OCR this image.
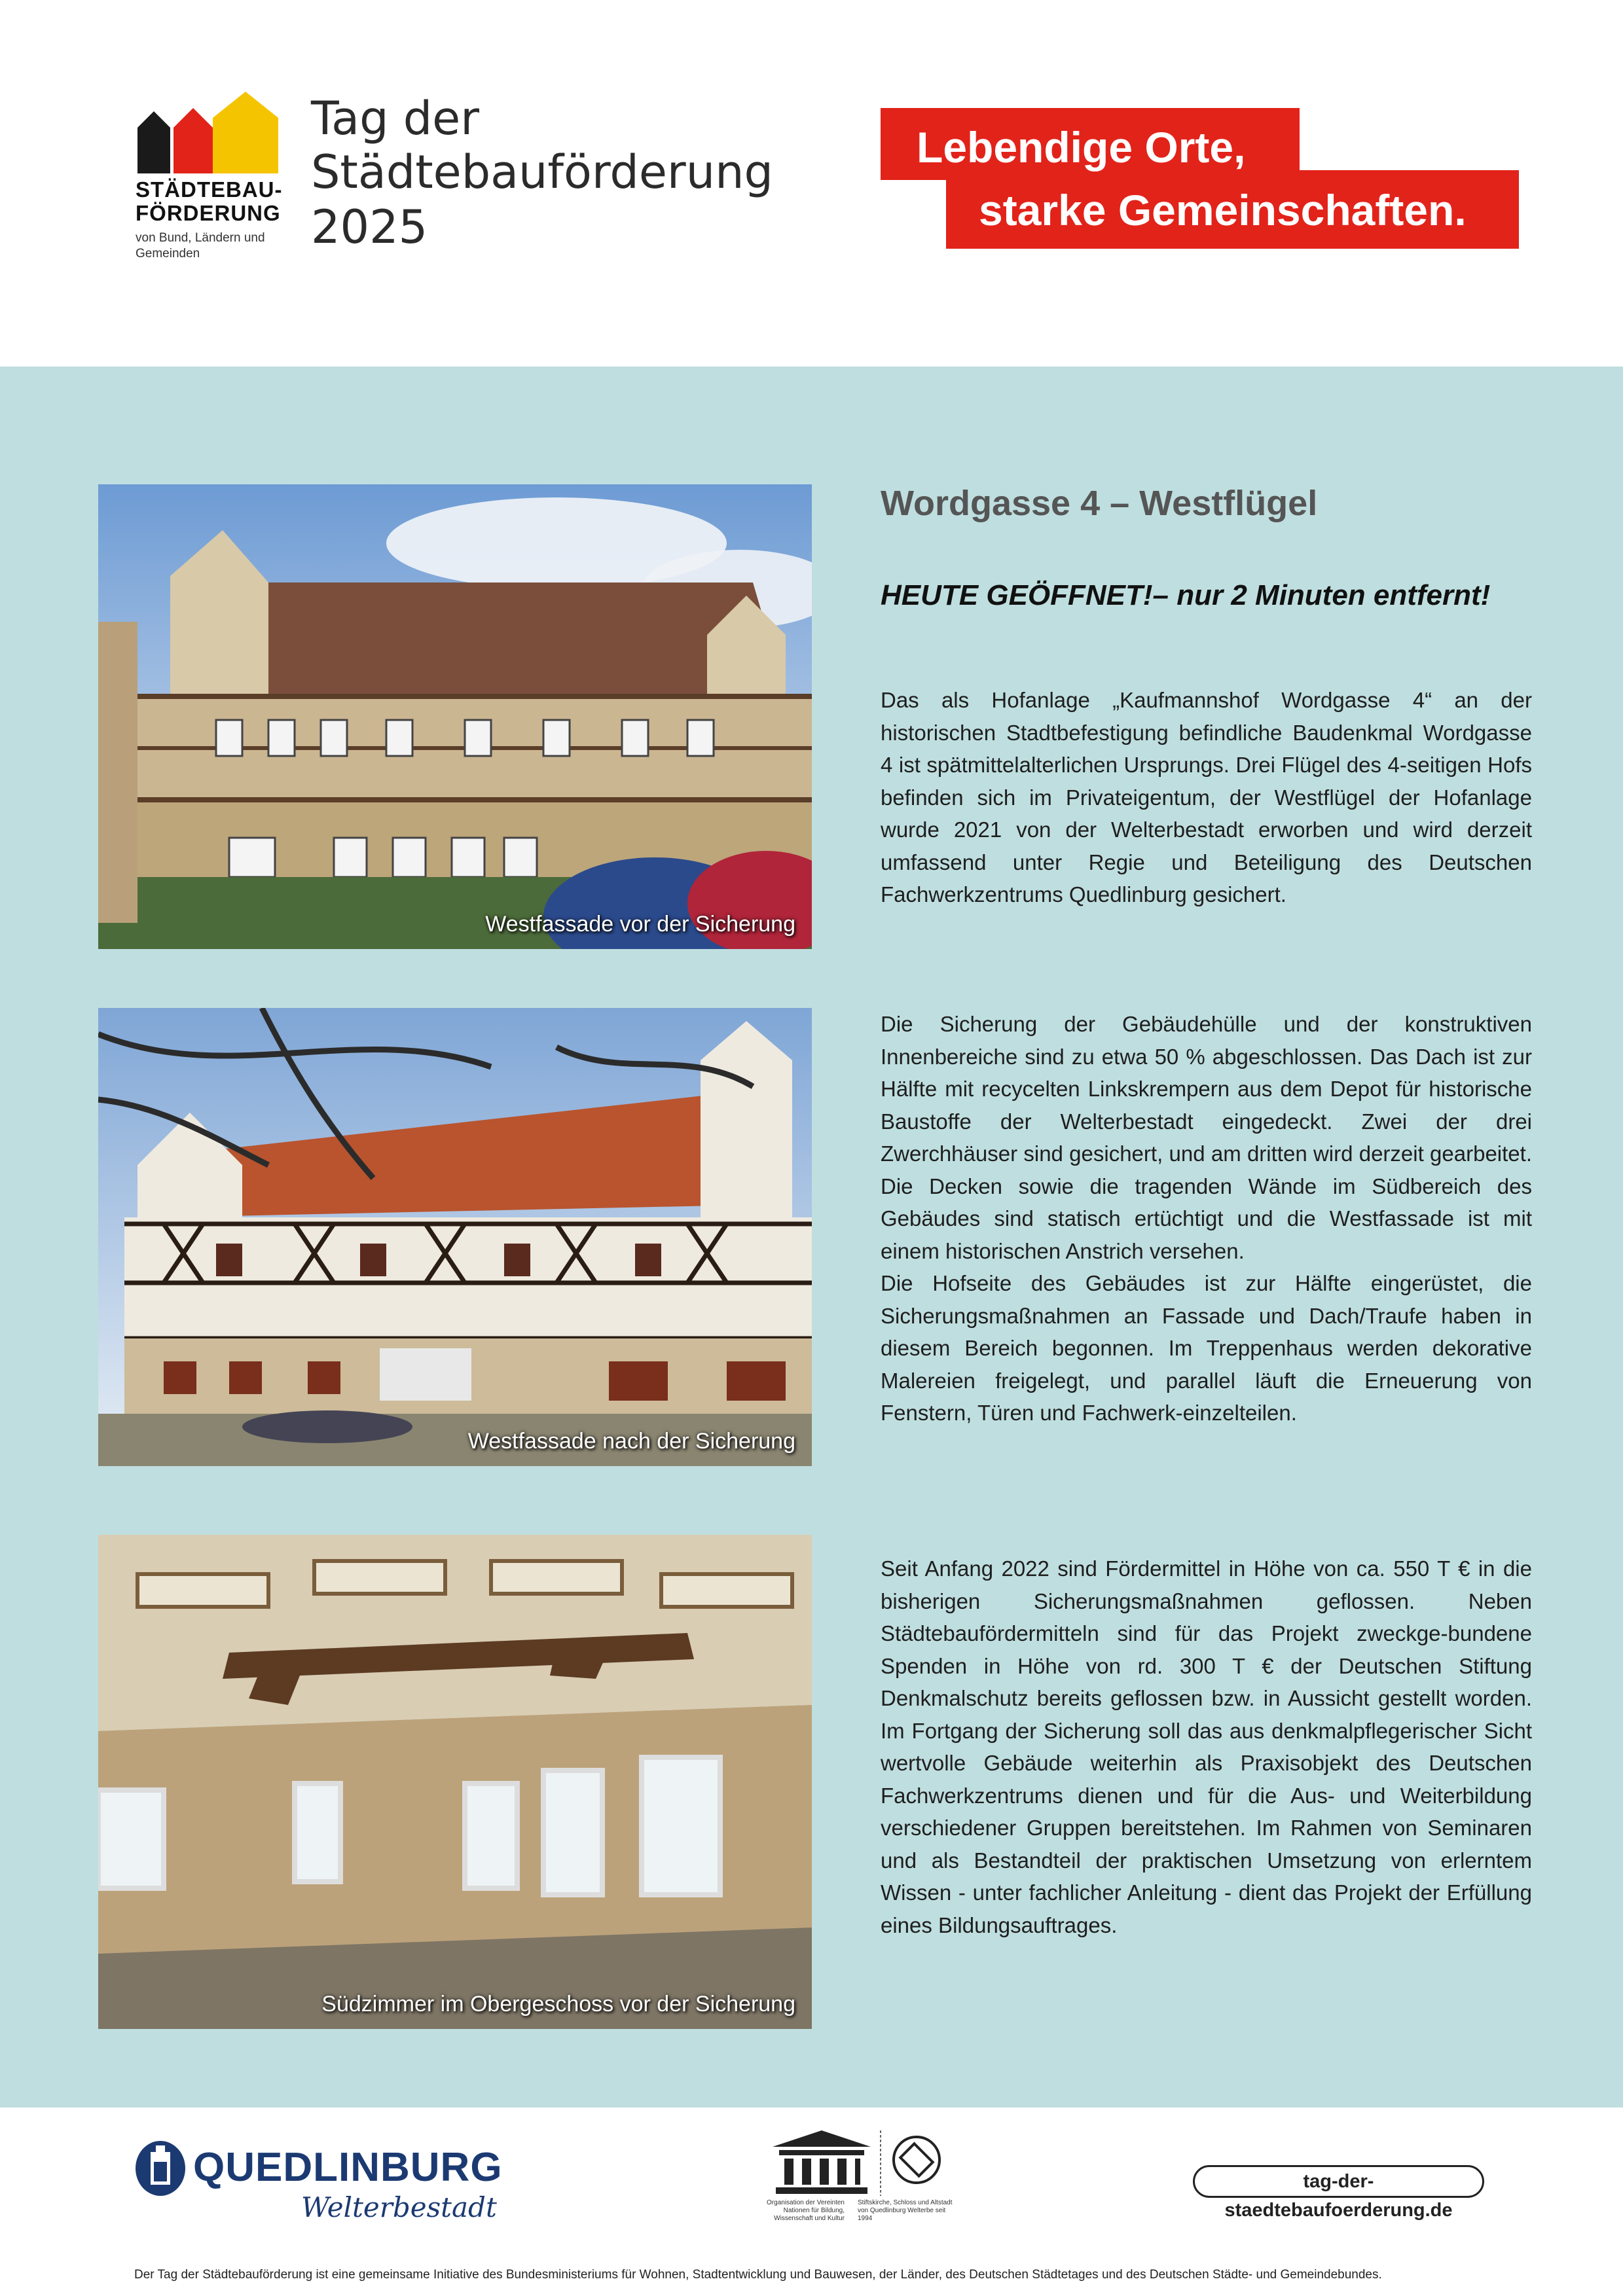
STÄDTEBAU-
FÖRDERUNG
von Bund, Ländern und Gemeinden
Tag der
Städtebauförderung
2025
Lebendige Orte,
starke Gemeinschaften.
Westfassade vor der Sicherung
Westfassade nach der Sicherung
Südzimmer im Obergeschoss vor der Sicherung
Wordgasse 4 – Westflügel
HEUTE GEÖFFNET!– nur 2 Minuten entfernt!
Das als Hofanlage „Kaufmannshof Wordgasse 4“ an der historischen Stadtbefestigung befindliche Baudenkmal Wordgasse 4 ist spätmittelalterlichen Ursprungs. Drei Flügel des 4-seitigen Hofs befinden sich im Privateigentum, der Westflügel der Hofanlage wurde 2021 von der Welterbestadt erworben und wird derzeit umfassend unter Regie und Beteiligung des Deutschen Fachwerkzentrums Quedlinburg gesichert.
Die Sicherung der Gebäudehülle und der konstruktiven Innenbereiche sind zu etwa 50 % abgeschlossen. Das Dach ist zur Hälfte mit recycelten Linkskrempern aus dem Depot für historische Baustoffe der Welterbestadt eingedeckt. Zwei der drei Zwerchhäuser sind gesichert, und am dritten wird derzeit gearbeitet. Die Decken sowie die tragenden Wände im Südbereich des Gebäudes sind statisch ertüchtigt und die Westfassade ist mit einem historischen Anstrich versehen.
Die Hofseite des Gebäudes ist zur Hälfte eingerüstet, die Sicherungsmaßnahmen an Fassade und Dach/Traufe haben in diesem Bereich begonnen. Im Treppenhaus werden dekorative Malereien freigelegt, und parallel läuft die Erneuerung von Fenstern, Türen und Fachwerk-einzelteilen.
Seit Anfang 2022 sind Fördermittel in Höhe von ca. 550 T € in die bisherigen Sicherungsmaßnahmen geflossen. Neben Städtebaufördermitteln sind für das Projekt zweckge-bundene Spenden in Höhe von rd. 300 T € der Deutschen Stiftung Denkmalschutz bereits geflossen bzw. in Aussicht gestellt worden. Im Fortgang der Sicherung soll das aus denkmalpflegerischer Sicht wertvolle Gebäude weiterhin als Praxisobjekt des Deutschen Fachwerkzentrums dienen und für die Aus- und Weiterbildung verschiedener Gruppen bereitstehen. Im Rahmen von Seminaren und als Bestandteil der praktischen Umsetzung von erlerntem Wissen - unter fachlicher Anleitung - dient das Projekt der Erfüllung eines Bildungsauftrages.
QUEDLINBURG
Welterbestadt	Organisation der Vereinten Nationen für Bildung, Wissenschaft und Kultur
Stiftskirche, Schloss und Altstadt von Quedlinburg Welterbe seit 1994
tag-der-staedtebaufoerderung.de
Der Tag der Städtebauförderung ist eine gemeinsame Initiative des Bundesministeriums für Wohnen, Stadtentwicklung und Bauwesen, der Länder, des Deutschen Städtetages und des Deutschen Städte- und Gemeindebundes.
